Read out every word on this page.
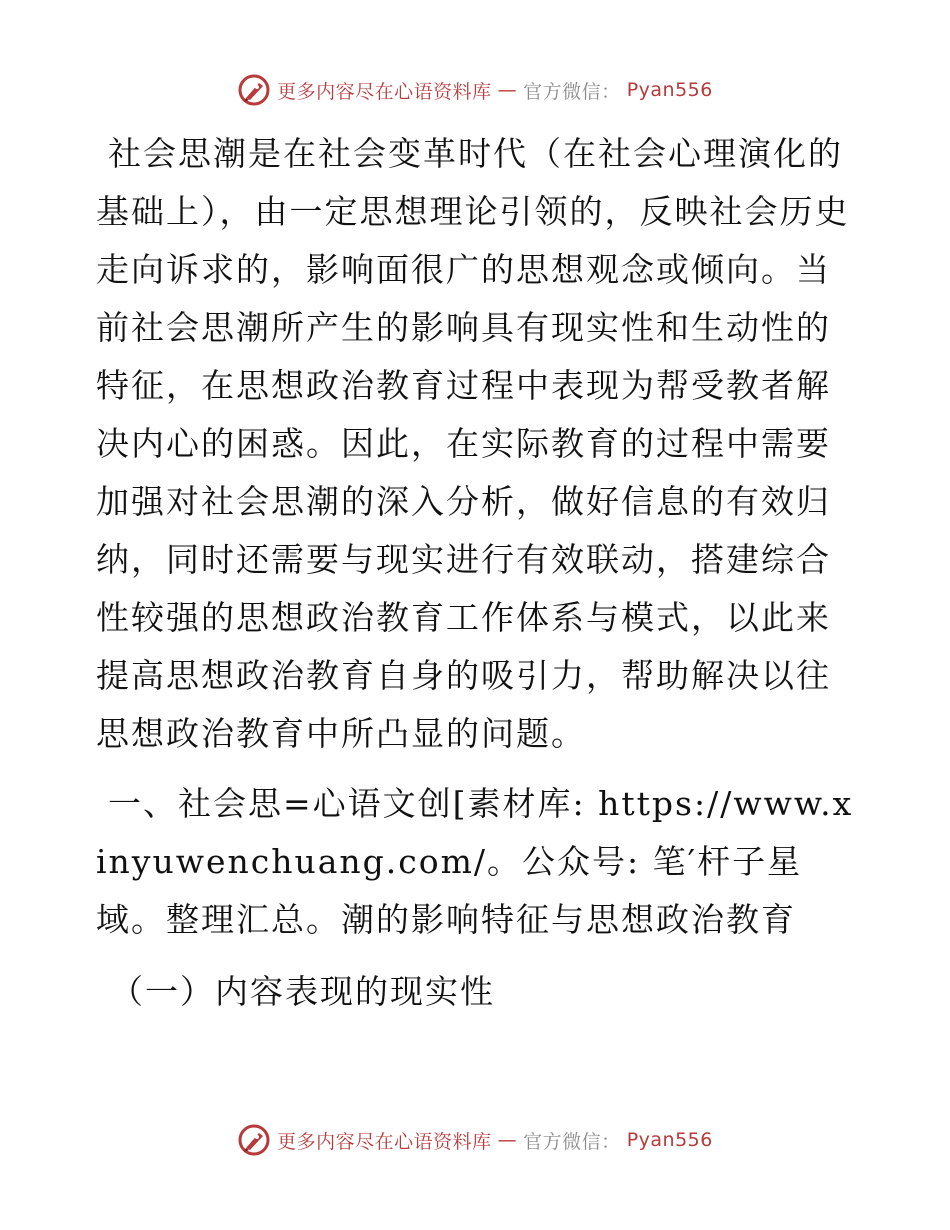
更多内容尽在心语资料库 — 官方微信： Pyan556

社会思潮是在社会变革时代（在社会心理演化的基础上），由一定思想理论引领的，反映社会历史走向诉求的，影响面很广的思想观念或倾向。当前社会思潮所产生的影响具有现实性和生动性的特征，在思想政治教育过程中表现为帮受教者解决内心的困惑。因此，在实际教育的过程中需要加强对社会思潮的深入分析，做好信息的有效归纳，同时还需要与现实进行有效联动，搭建综合性较强的思想政治教育工作体系与模式，以此来提高思想政治教育自身的吸引力，帮助解决以往思想政治教育中所凸显的问题。

一、社会思=心语文创[素材库: https://www.xinyuwenchuang.com/。公众号: 笔′杆子星域。整理汇总。潮的影响特征与思想政治教育

（一）内容表现的现实性

更多内容尽在心语资料库 — 官方微信： Pyan556
